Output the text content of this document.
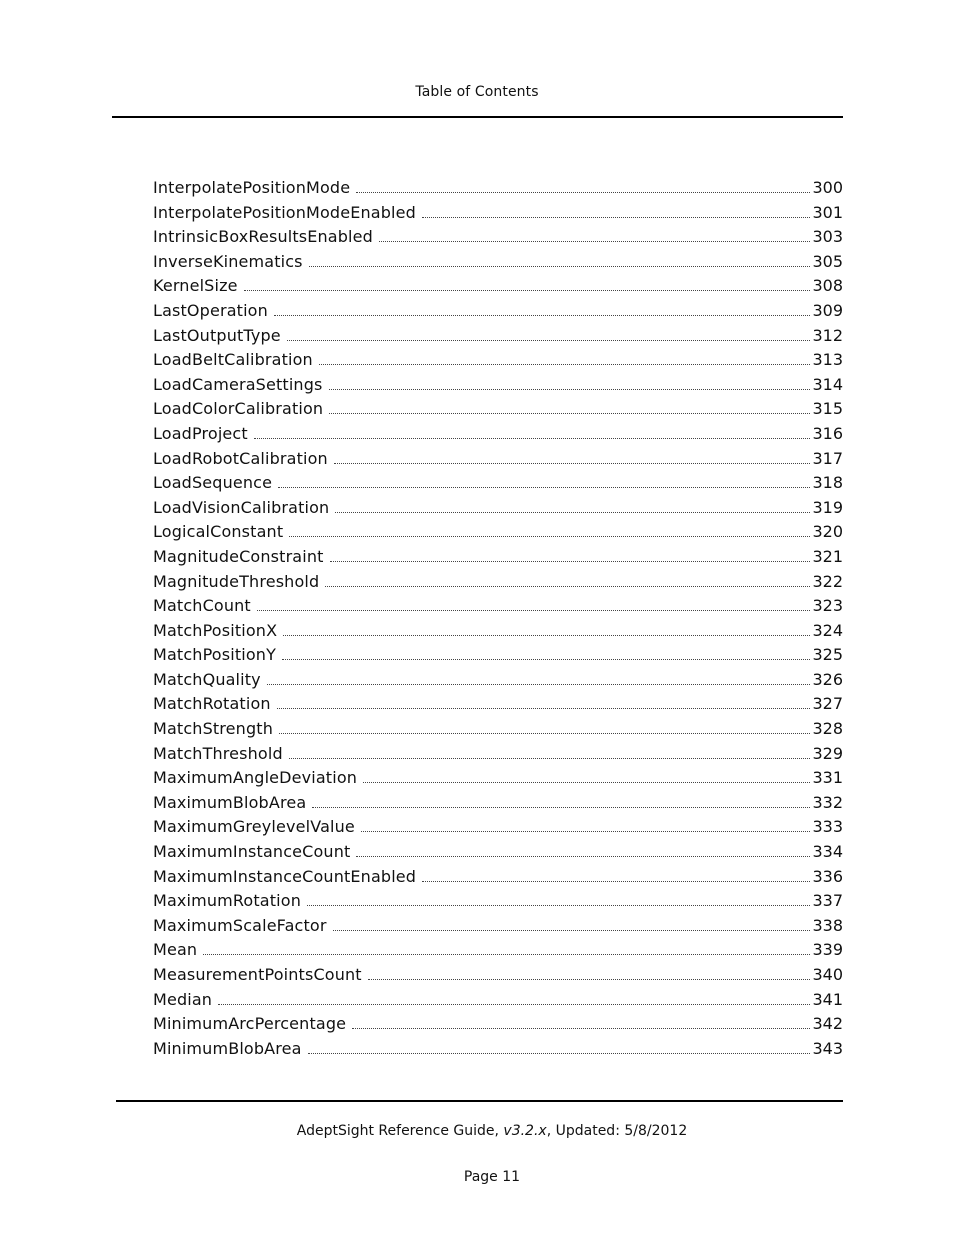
Table of Contents
InterpolatePositionMode	300
InterpolatePositionModeEnabled	301
IntrinsicBoxResultsEnabled	303
InverseKinematics	305
KernelSize	308
LastOperation	309
LastOutputType	312
LoadBeltCalibration	313
LoadCameraSettings	314
LoadColorCalibration	315
LoadProject	316
LoadRobotCalibration	317
LoadSequence	318
LoadVisionCalibration	319
LogicalConstant	320
MagnitudeConstraint	321
MagnitudeThreshold	322
MatchCount	323
MatchPositionX	324
MatchPositionY	325
MatchQuality	326
MatchRotation	327
MatchStrength	328
MatchThreshold	329
MaximumAngleDeviation	331
MaximumBlobArea	332
MaximumGreylevelValue	333
MaximumInstanceCount	334
MaximumInstanceCountEnabled	336
MaximumRotation	337
MaximumScaleFactor	338
Mean	339
MeasurementPointsCount	340
Median	341
MinimumArcPercentage	342
MinimumBlobArea	343
AdeptSight Reference Guide, v3.2.x, Updated: 5/8/2012
Page 11
